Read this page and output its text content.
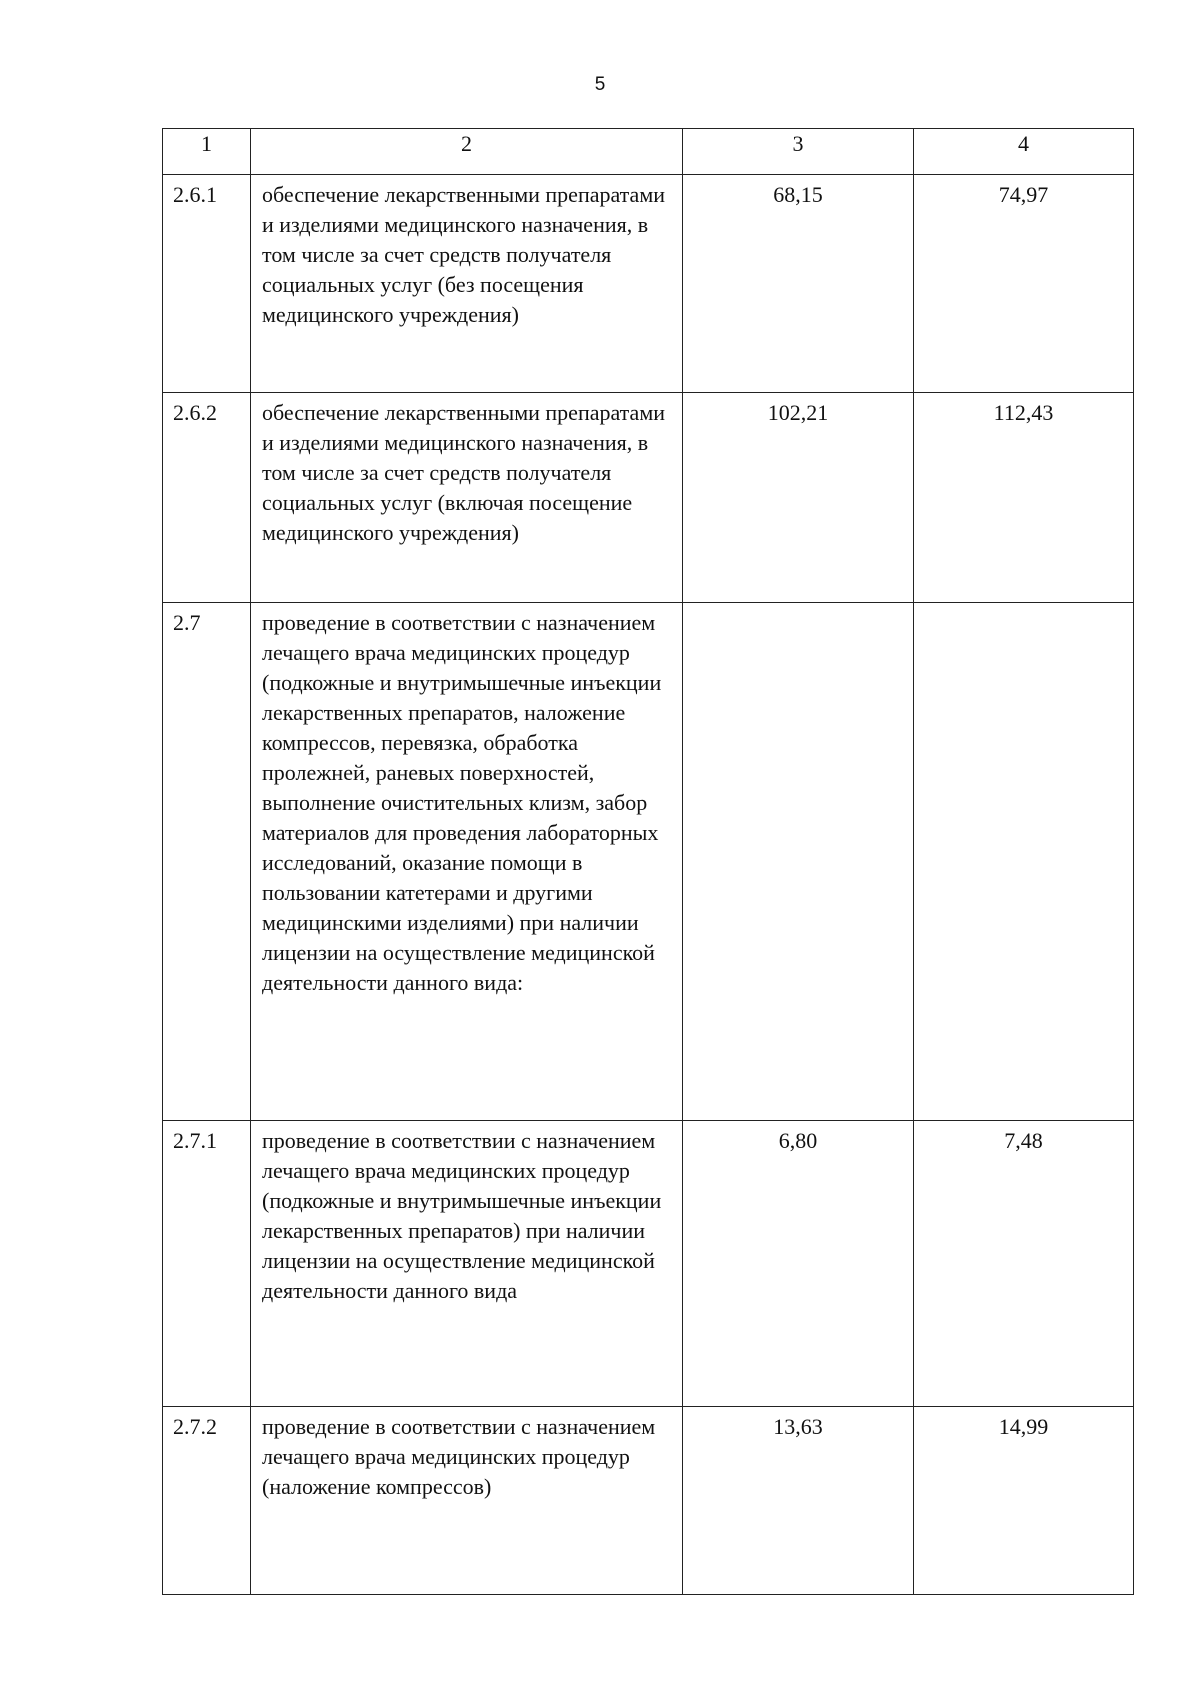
5
1	2	3	4
2.6.1	обеспечение лекарственными препаратами и изделиями медицинского назначения, в том числе за счет средств получателя социальных услуг (без посещения медицинского учреждения)	68,15	74,97
2.6.2	обеспечение лекарственными препаратами и изделиями медицинского назначения, в том числе за счет средств получателя социальных услуг (включая посещение медицинского учреждения)	102,21	112,43
2.7	проведение в соответствии с назначением лечащего врача медицинских процедур (подкожные и внутримышечные инъекции лекарственных препаратов, наложение компрессов, перевязка, обработка пролежней, раневых поверхностей, выполнение очистительных клизм, забор материалов для проведения лабораторных исследований, оказание помощи в пользовании катетерами и другими медицинскими изделиями) при наличии лицензии на осуществление медицинской деятельности данного вида:		
2.7.1	проведение в соответствии с назначением лечащего врача медицинских процедур (подкожные и внутримышечные инъекции лекарственных препаратов) при наличии лицензии на осуществление медицинской деятельности данного вида	6,80	7,48
2.7.2	проведение в соответствии с назначением лечащего врача медицинских процедур (наложение компрессов)	13,63	14,99
